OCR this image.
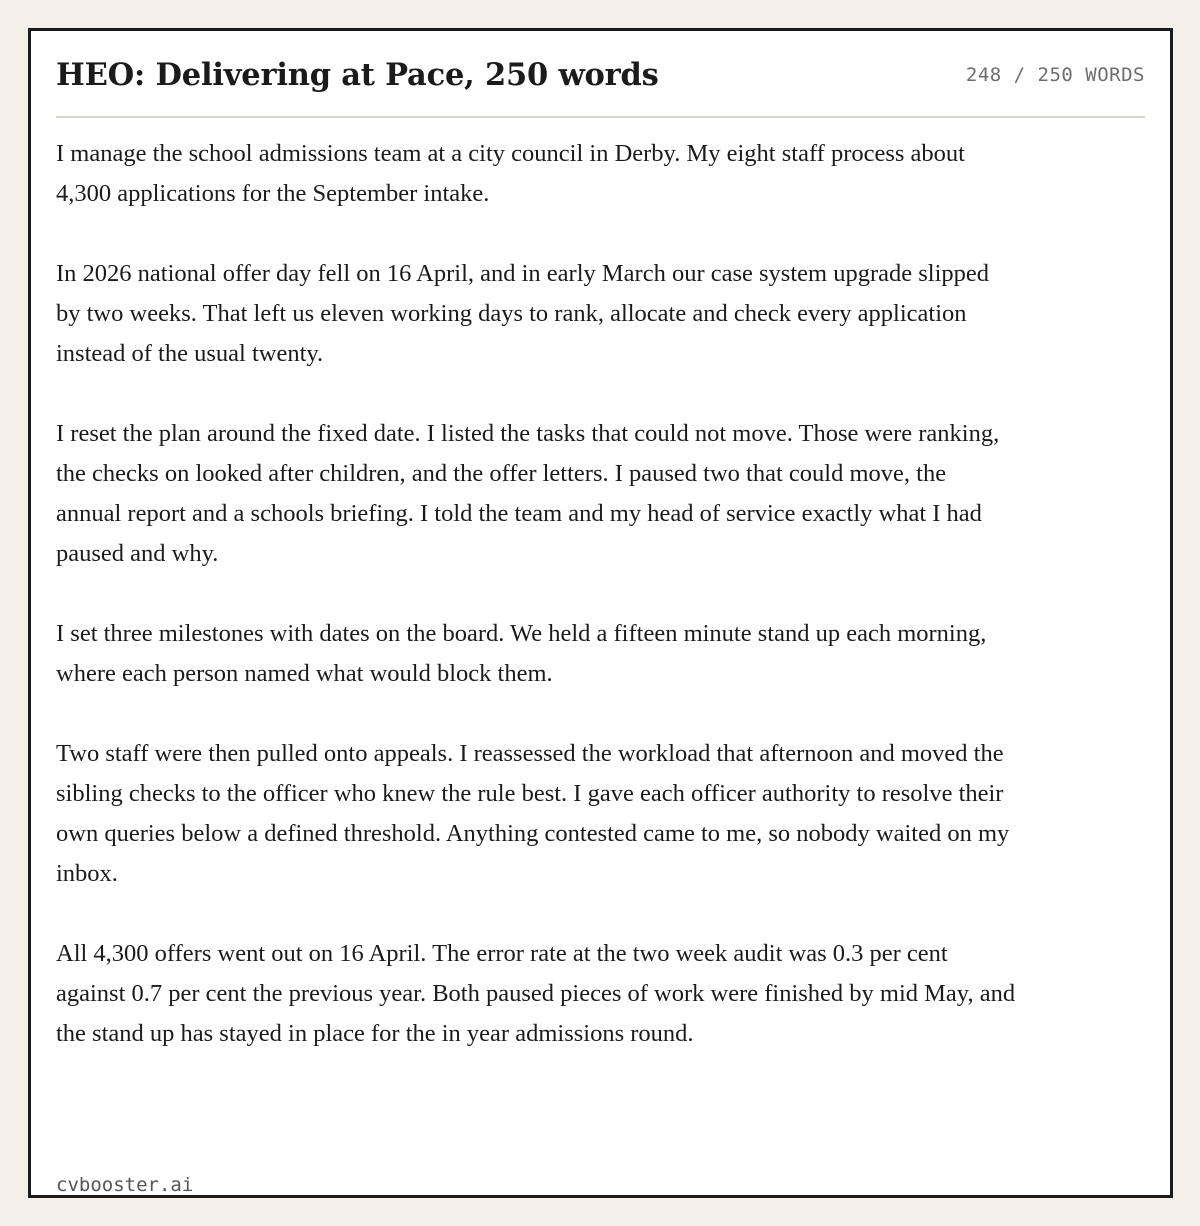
HEO: Delivering at Pace, 250 words	248 / 250 WORDS

I manage the school admissions team at a city council in Derby. My eight staff process about 4,300 applications for the September intake.

In 2026 national offer day fell on 16 April, and in early March our case system upgrade slipped by two weeks. That left us eleven working days to rank, allocate and check every application instead of the usual twenty.

I reset the plan around the fixed date. I listed the tasks that could not move. Those were ranking, the checks on looked after children, and the offer letters. I paused two that could move, the annual report and a schools briefing. I told the team and my head of service exactly what I had paused and why.

I set three milestones with dates on the board. We held a fifteen minute stand up each morning, where each person named what would block them.

Two staff were then pulled onto appeals. I reassessed the workload that afternoon and moved the sibling checks to the officer who knew the rule best. I gave each officer authority to resolve their own queries below a defined threshold. Anything contested came to me, so nobody waited on my inbox.

All 4,300 offers went out on 16 April. The error rate at the two week audit was 0.3 per cent against 0.7 per cent the previous year. Both paused pieces of work were finished by mid May, and the stand up has stayed in place for the in year admissions round.

cvbooster.ai
